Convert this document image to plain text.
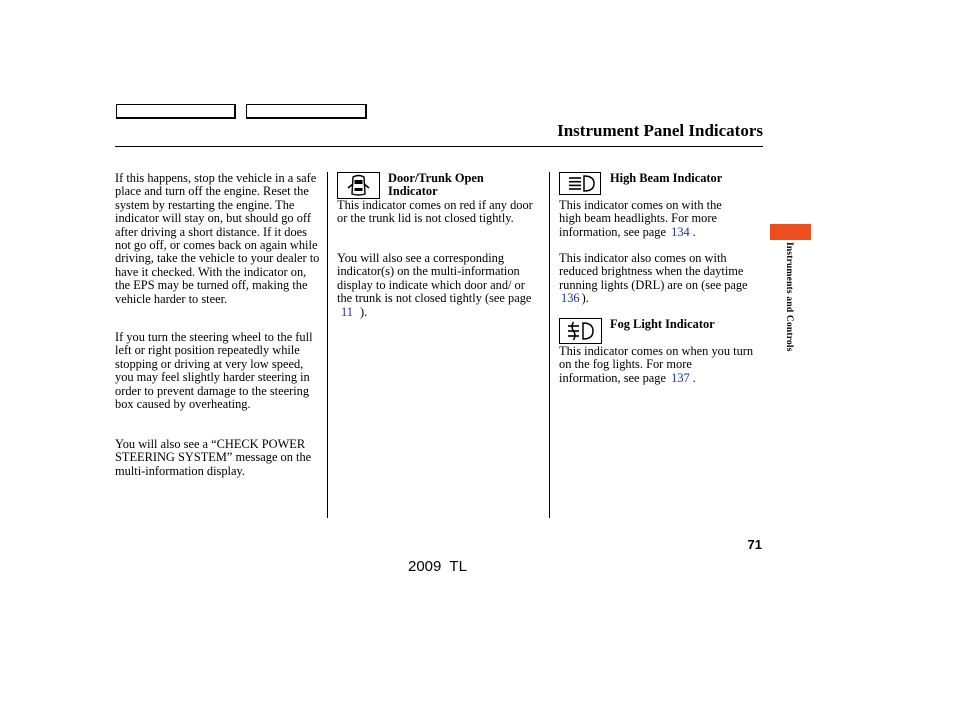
Instrument Panel Indicators
If this happens, stop the vehicle in a safe place and turn off the engine. Reset the system by restarting the engine. The indicator will stay on, but should go off after driving a short distance. If it does not go off, or comes back on again while driving, take the vehicle to your dealer to have it checked. With the indicator on, the EPS may be turned off, making the vehicle harder to steer.
If you turn the steering wheel to the full left or right position repeatedly while stopping or driving at very low speed, you may feel slightly harder steering in order to prevent damage to the steering box caused by overheating.
You will also see a “CHECK POWER STEERING SYSTEM” message on the multi-information display.
Door/Trunk Open Indicator
This indicator comes on red if any door or the trunk lid is not closed tightly.
You will also see a corresponding indicator(s) on the multi-information display to indicate which door and/ or the trunk is not closed tightly (see page 11 ).
High Beam Indicator
This indicator comes on with the high beam headlights. For more information, see page 134 .
This indicator also comes on with reduced brightness when the daytime running lights (DRL) are on (see page 136 ).
Fog Light Indicator
This indicator comes on when you turn on the fog lights. For more information, see page 137 .
Instruments and Controls
71
2009  TL
